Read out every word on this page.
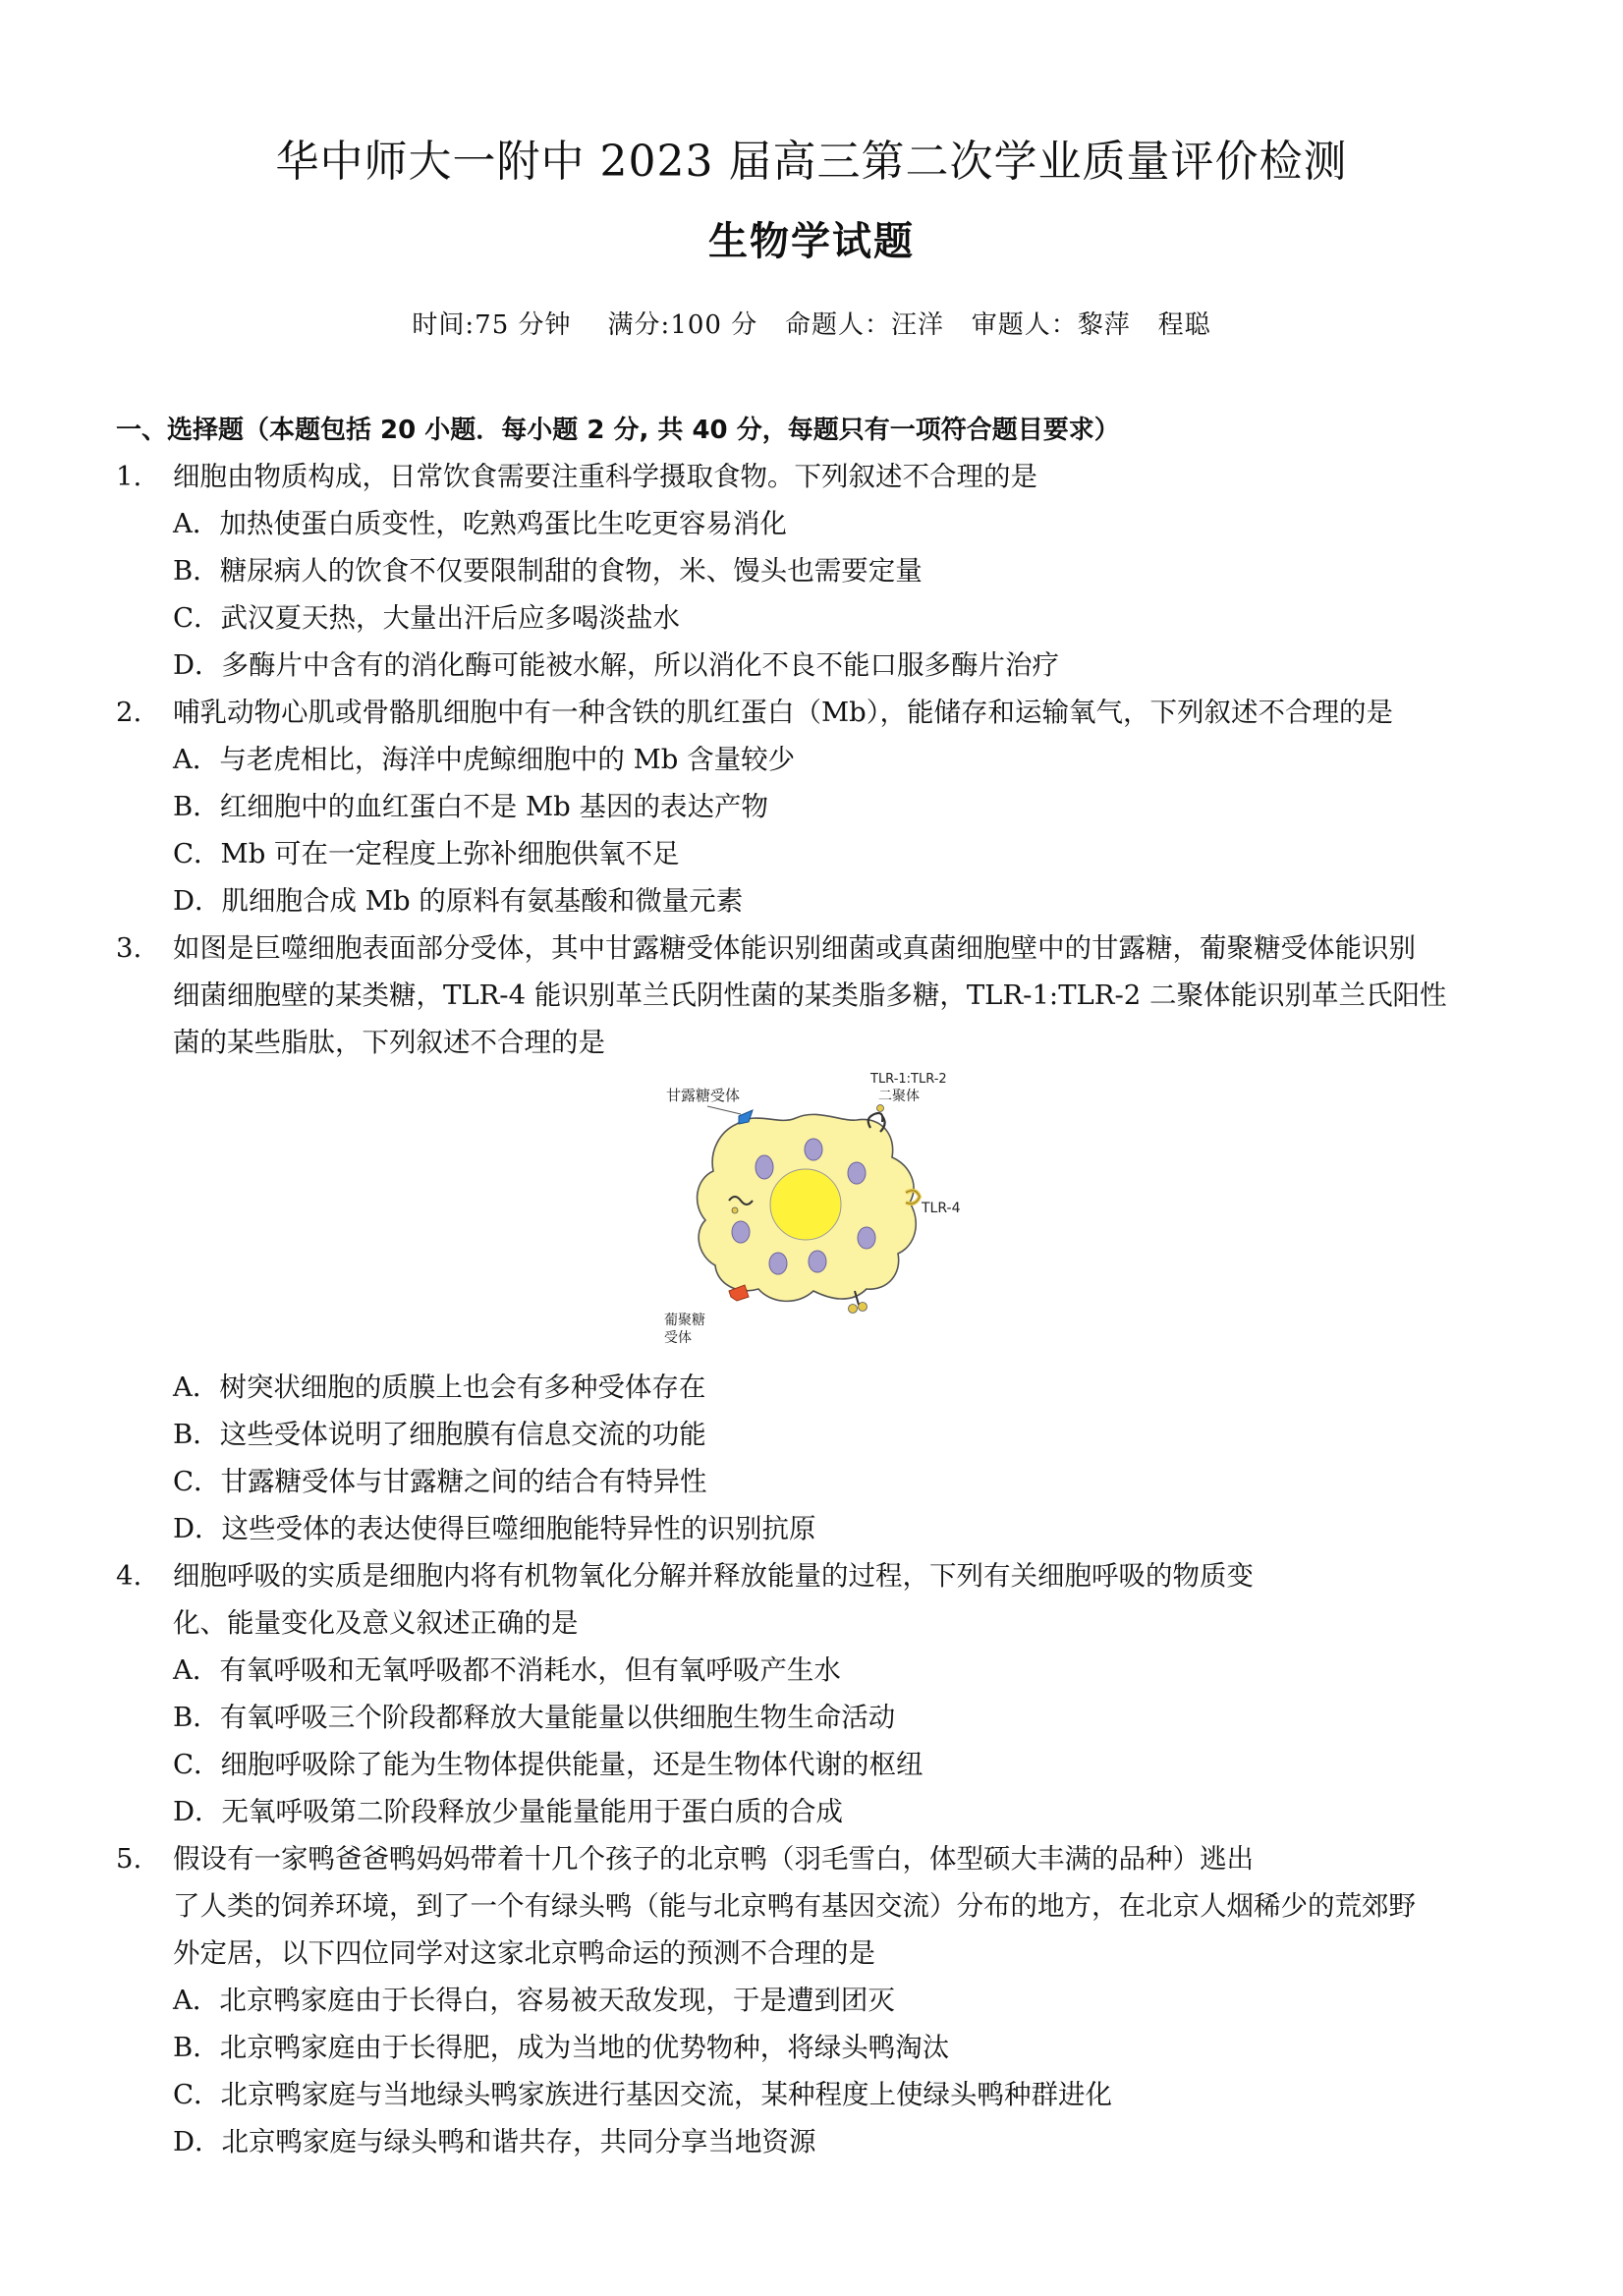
华中师大一附中 2023 届高三第二次学业质量评价检测
生物学试题
时间:75 分钟    满分:100 分   命题人：汪洋   审题人：黎萍   程聪
一、选择题（本题包括 20 小题．每小题 2 分, 共 40 分，每题只有一项符合题目要求）
1. 细胞由物质构成，日常饮食需要注重科学摄取食物。下列叙述不合理的是
A．加热使蛋白质变性，吃熟鸡蛋比生吃更容易消化
B．糖尿病人的饮食不仅要限制甜的食物，米、馒头也需要定量
C．武汉夏天热，大量出汗后应多喝淡盐水
D．多酶片中含有的消化酶可能被水解，所以消化不良不能口服多酶片治疗
2. 哺乳动物心肌或骨骼肌细胞中有一种含铁的肌红蛋白（Mb），能储存和运输氧气，下列叙述不合理的是
A．与老虎相比，海洋中虎鲸细胞中的 Mb 含量较少
B．红细胞中的血红蛋白不是 Mb 基因的表达产物
C．Mb 可在一定程度上弥补细胞供氧不足
D．肌细胞合成 Mb 的原料有氨基酸和微量元素
3. 如图是巨噬细胞表面部分受体，其中甘露糖受体能识别细菌或真菌细胞壁中的甘露糖，葡聚糖受体能识别
细菌细胞壁的某类糖，TLR-4 能识别革兰氏阴性菌的某类脂多糖，TLR-1:TLR-2 二聚体能识别革兰氏阳性
菌的某些脂肽，下列叙述不合理的是
甘露糖受体
TLR-1:TLR-2
二聚体
TLR-4
葡聚糖
受体
A．树突状细胞的质膜上也会有多种受体存在
B．这些受体说明了细胞膜有信息交流的功能
C．甘露糖受体与甘露糖之间的结合有特异性
D．这些受体的表达使得巨噬细胞能特异性的识别抗原
4. 细胞呼吸的实质是细胞内将有机物氧化分解并释放能量的过程，下列有关细胞呼吸的物质变
化、能量变化及意义叙述正确的是
A．有氧呼吸和无氧呼吸都不消耗水，但有氧呼吸产生水
B．有氧呼吸三个阶段都释放大量能量以供细胞生物生命活动
C．细胞呼吸除了能为生物体提供能量，还是生物体代谢的枢纽
D．无氧呼吸第二阶段释放少量能量能用于蛋白质的合成
5. 假设有一家鸭爸爸鸭妈妈带着十几个孩子的北京鸭（羽毛雪白，体型硕大丰满的品种）逃出
了人类的饲养环境，到了一个有绿头鸭（能与北京鸭有基因交流）分布的地方，在北京人烟稀少的荒郊野
外定居，以下四位同学对这家北京鸭命运的预测不合理的是
A．北京鸭家庭由于长得白，容易被天敌发现，于是遭到团灭
B．北京鸭家庭由于长得肥，成为当地的优势物种，将绿头鸭淘汰
C．北京鸭家庭与当地绿头鸭家族进行基因交流，某种程度上使绿头鸭种群进化
D．北京鸭家庭与绿头鸭和谐共存，共同分享当地资源
